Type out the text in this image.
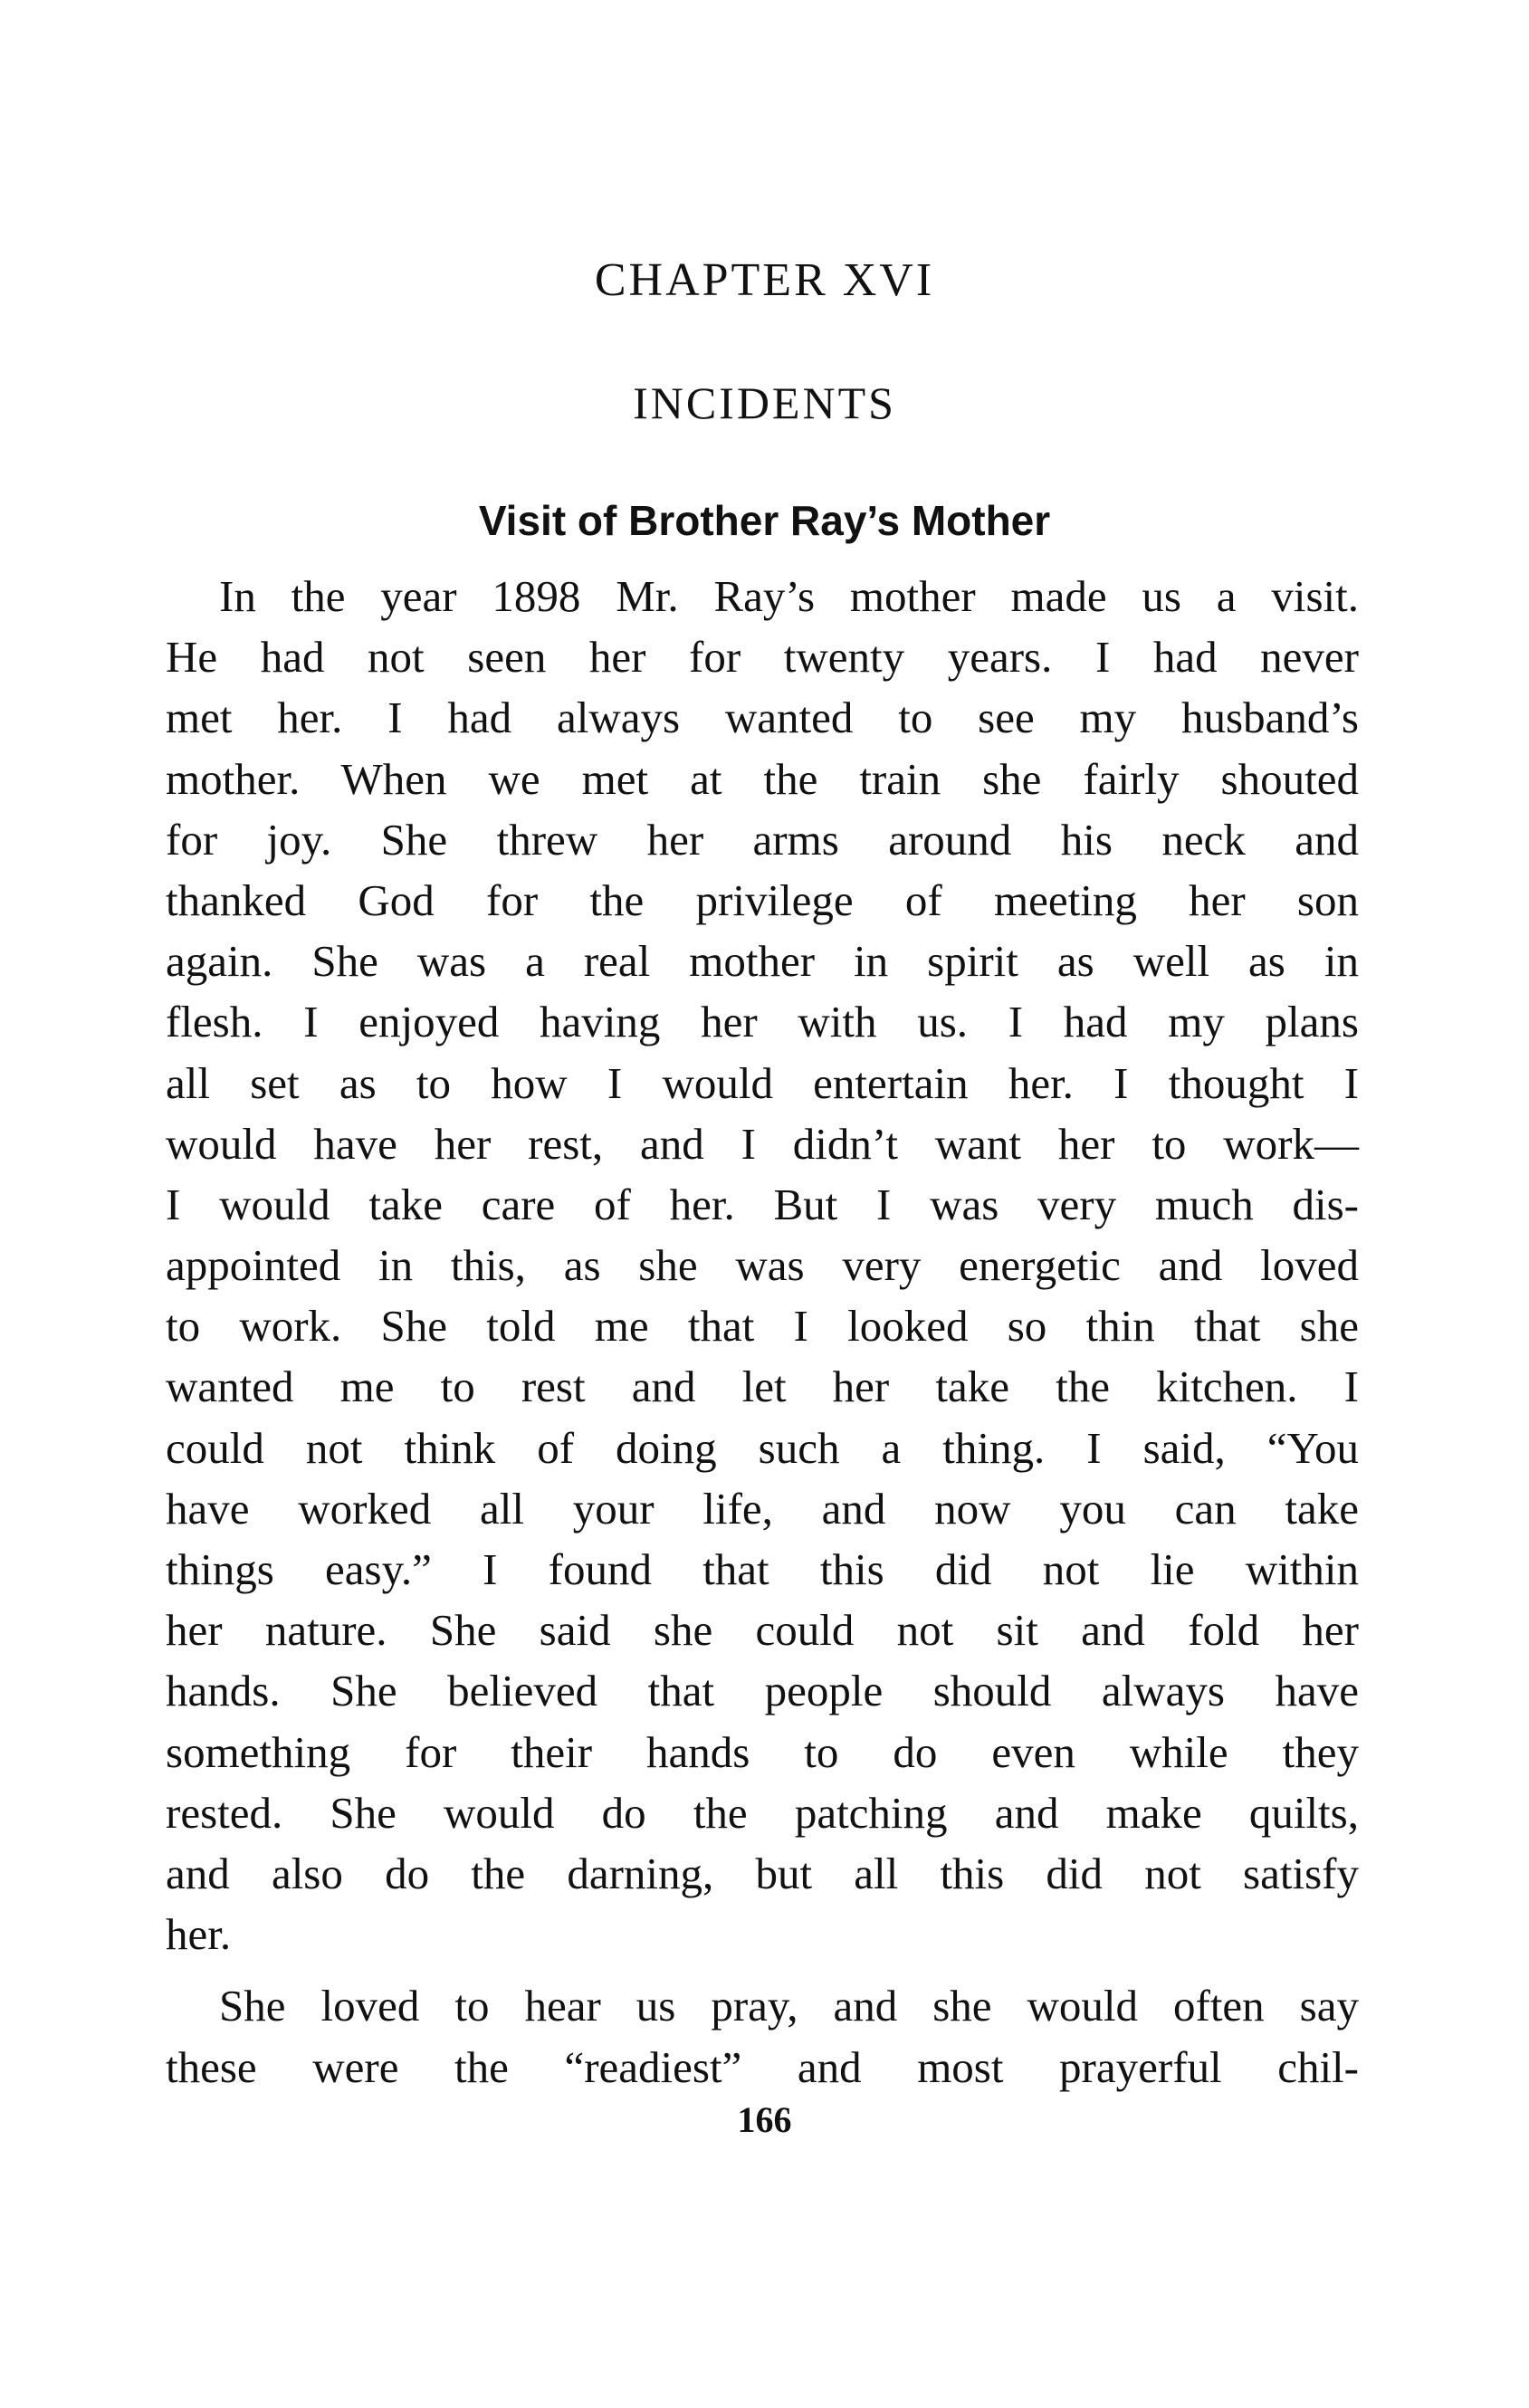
CHAPTER XVI
INCIDENTS
Visit of Brother Ray’s Mother
In the year 1898 Mr. Ray’s mother made us a visit.
He had not seen her for twenty years. I had never
met her. I had always wanted to see my husband’s
mother. When we met at the train she fairly shouted
for joy. She threw her arms around his neck and
thanked God for the privilege of meeting her son
again. She was a real mother in spirit as well as in
flesh. I enjoyed having her with us. I had my plans
all set as to how I would entertain her. I thought I
would have her rest, and I didn’t want her to work—
I would take care of her. But I was very much dis-
appointed in this, as she was very energetic and loved
to work. She told me that I looked so thin that she
wanted me to rest and let her take the kitchen. I
could not think of doing such a thing. I said, “You
have worked all your life, and now you can take
things easy.” I found that this did not lie within
her nature. She said she could not sit and fold her
hands. She believed that people should always have
something for their hands to do even while they
rested. She would do the patching and make quilts,
and also do the darning, but all this did not satisfy
her.
She loved to hear us pray, and she would often say
these were the “readiest” and most prayerful chil-
166
